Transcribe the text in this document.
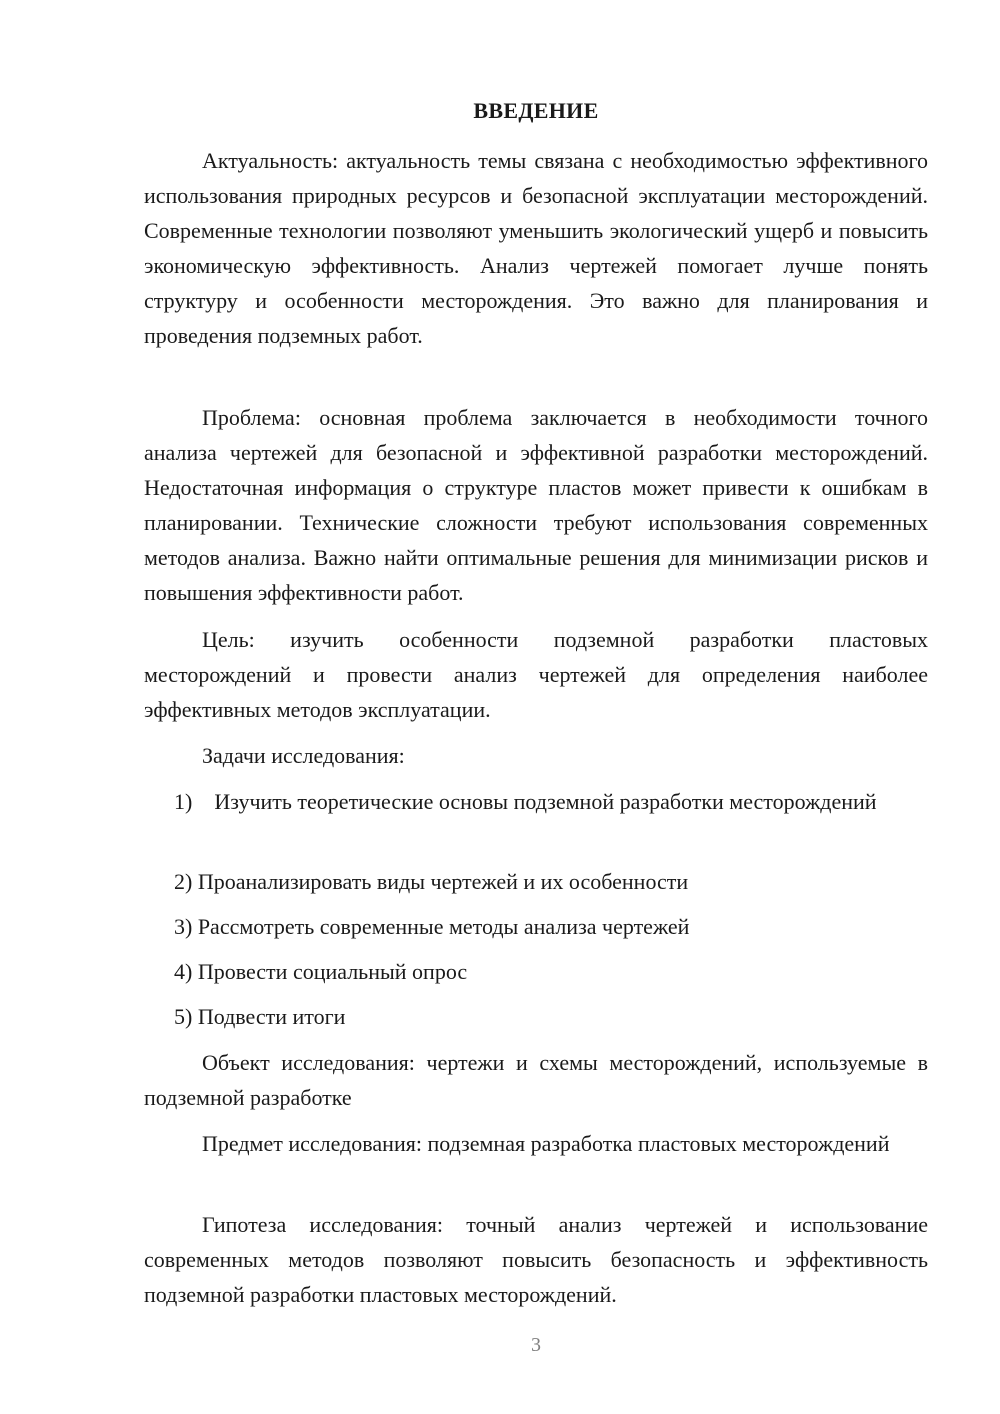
ВВЕДЕНИЕ

Актуальность: актуальность темы связана с необходимостью эффективного использования природных ресурсов и безопасной эксплуатации месторождений. Современные технологии позволяют уменьшить экологический ущерб и повысить экономическую эффективность. Анализ чертежей помогает лучше понять структуру и особенности месторождения. Это важно для планирования и проведения подземных работ.

Проблема: основная проблема заключается в необходимости точного анализа чертежей для безопасной и эффективной разработки месторождений. Недостаточная информация о структуре пластов может привести к ошибкам в планировании. Технические сложности требуют использования современных методов анализа. Важно найти оптимальные решения для минимизации рисков и повышения эффективности работ.

Цель: изучить особенности подземной разработки пластовых месторождений и провести анализ чертежей для определения наиболее эффективных методов эксплуатации.

Задачи исследования:

1)    Изучить теоретические основы подземной разработки месторождений

2) Проанализировать виды чертежей и их особенности

3) Рассмотреть современные методы анализа чертежей

4) Провести социальный опрос

5) Подвести итоги

Объект исследования: чертежи и схемы месторождений, используемые в подземной разработке

Предмет исследования: подземная разработка пластовых месторождений

Гипотеза исследования: точный анализ чертежей и использование современных методов позволяют повысить безопасность и эффективность подземной разработки пластовых месторождений.

3
